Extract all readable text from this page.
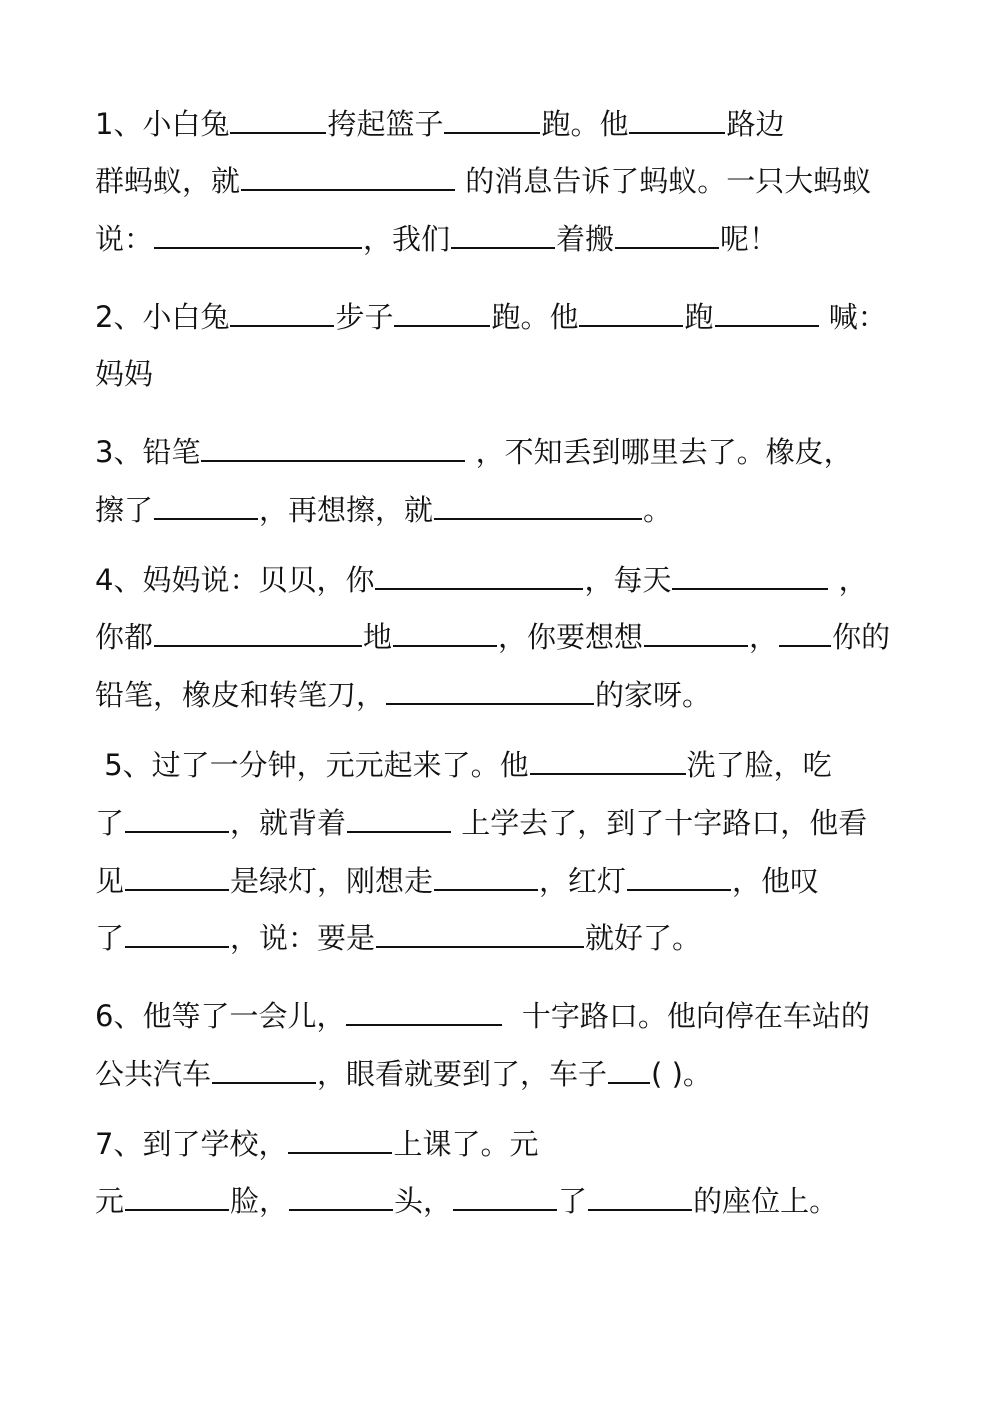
1、小白兔	挎起篮子	跑。他	路边
群蚂蚁，就	的消息告诉了蚂蚁。一只大蚂蚁
说：	，我们	着搬	呢！
2、小白兔	步子	跑。他	跑	喊：
妈妈
3、铅笔	，不知丢到哪里去了。橡皮，
擦了	，再想擦，就	。
4、妈妈说：贝贝，你	，每天	，
你都	地	，你要想想	， 你的
铅笔，橡皮和转笔刀，	的家呀。
5、过了一分钟，元元起来了。他	洗了脸，吃
了	，就背着	上学去了，到了十字路口，他看
见	是绿灯，刚想走	，红灯	，他叹
了	，说：要是	就好了。
6、他等了一会儿，	十字路口。他向停在车站的
公共汽车	，眼看就要到了，车子 ( )。
7、到了学校，	上课了。元
元	脸，	头，	了	的座位上。
